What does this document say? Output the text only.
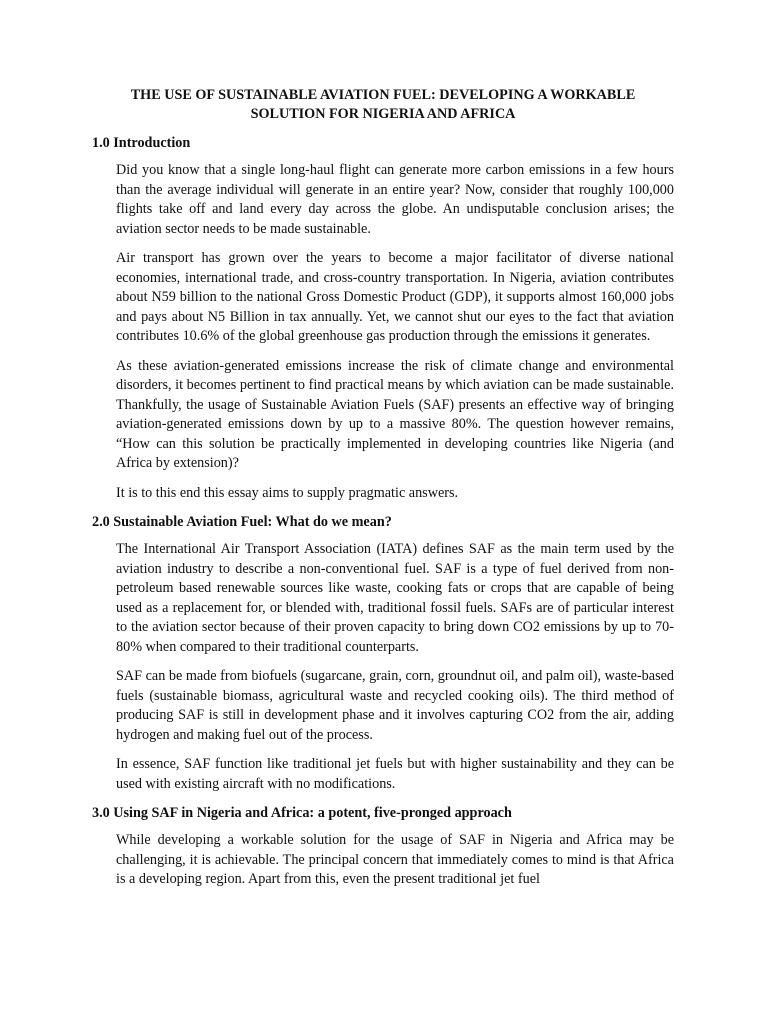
THE USE OF SUSTAINABLE AVIATION FUEL: DEVELOPING A WORKABLE
SOLUTION FOR NIGERIA AND AFRICA
1.0 Introduction

Did you know that a single long-haul flight can generate more carbon emissions in a few hours than the average individual will generate in an entire year? Now, consider that roughly 100,000 flights take off and land every day across the globe. An undisputable conclusion arises; the aviation sector needs to be made sustainable.

Air transport has grown over the years to become a major facilitator of diverse national economies, international trade, and cross-country transportation. In Nigeria, aviation contributes about N59 billion to the national Gross Domestic Product (GDP), it supports almost 160,000 jobs and pays about N5 Billion in tax annually. Yet, we cannot shut our eyes to the fact that aviation contributes 10.6% of the global greenhouse gas production through the emissions it generates.

As these aviation-generated emissions increase the risk of climate change and environmental disorders, it becomes pertinent to find practical means by which aviation can be made sustainable. Thankfully, the usage of Sustainable Aviation Fuels (SAF) presents an effective way of bringing aviation-generated emissions down by up to a massive 80%. The question however remains, “How can this solution be practically implemented in developing countries like Nigeria (and Africa by extension)?

It is to this end this essay aims to supply pragmatic answers.

2.0 Sustainable Aviation Fuel: What do we mean?

The International Air Transport Association (IATA) defines SAF as the main term used by the aviation industry to describe a non-conventional fuel. SAF is a type of fuel derived from non-petroleum based renewable sources like waste, cooking fats or crops that are capable of being used as a replacement for, or blended with, traditional fossil fuels. SAFs are of particular interest to the aviation sector because of their proven capacity to bring down CO2 emissions by up to 70-80% when compared to their traditional counterparts.

SAF can be made from biofuels (sugarcane, grain, corn, groundnut oil, and palm oil), waste-based fuels (sustainable biomass, agricultural waste and recycled cooking oils). The third method of producing SAF is still in development phase and it involves capturing CO2 from the air, adding hydrogen and making fuel out of the process.

In essence, SAF function like traditional jet fuels but with higher sustainability and they can be used with existing aircraft with no modifications.

3.0 Using SAF in Nigeria and Africa: a potent, five-pronged approach

While developing a workable solution for the usage of SAF in Nigeria and Africa may be challenging, it is achievable. The principal concern that immediately comes to mind is that Africa is a developing region. Apart from this, even the present traditional jet fuel
